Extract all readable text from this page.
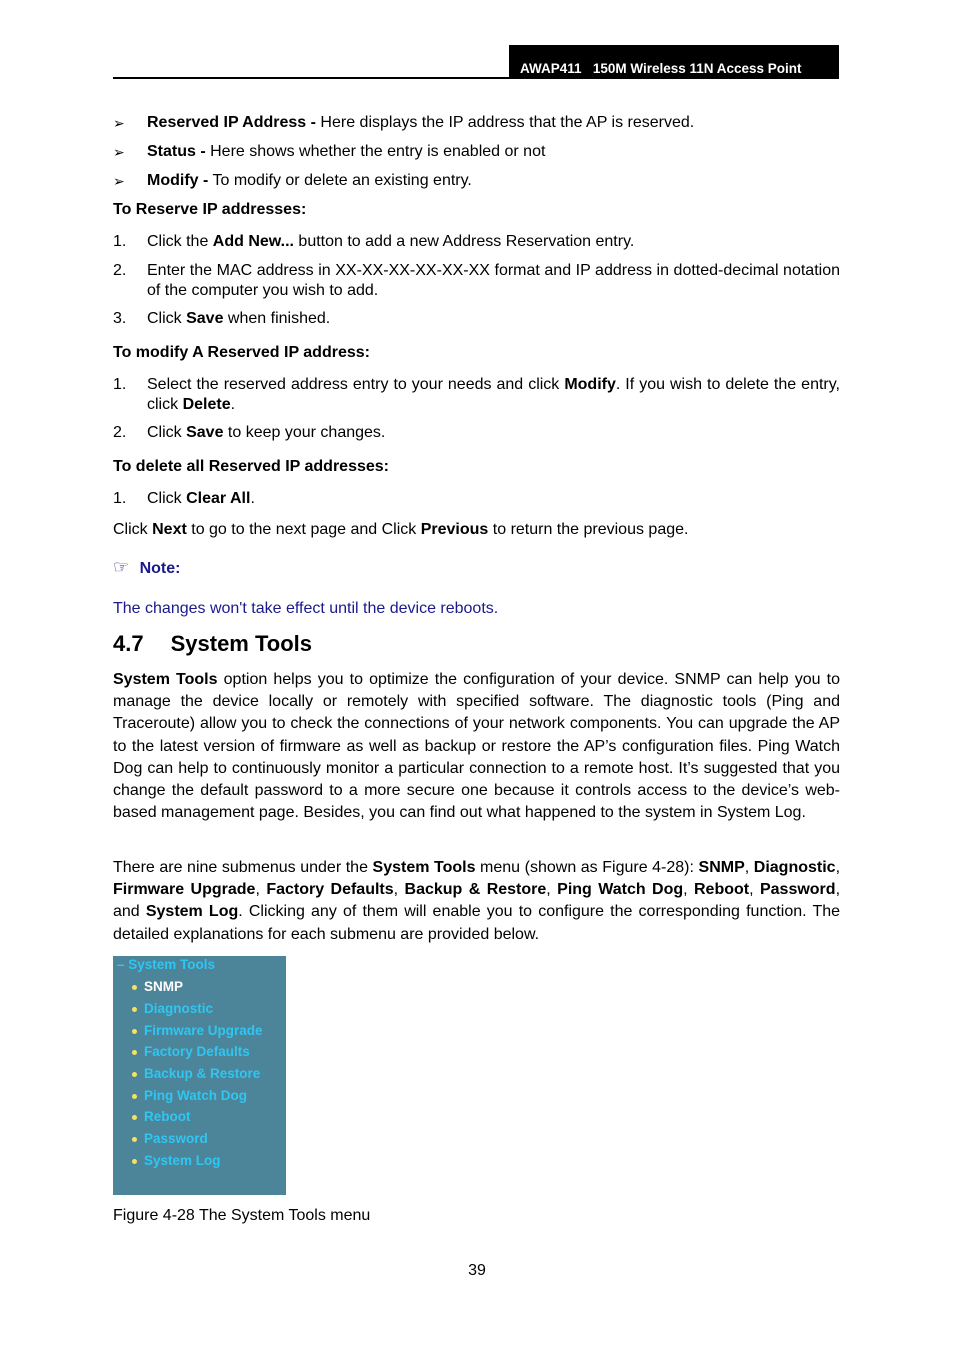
AWAP411 150M Wireless 11N Access Point
➢ Reserved IP Address - Here displays the IP address that the AP is reserved.
➢ Status - Here shows whether the entry is enabled or not
➢ Modify - To modify or delete an existing entry.
To Reserve IP addresses:
1. Click the Add New... button to add a new Address Reservation entry.
2. Enter the MAC address in XX-XX-XX-XX-XX-XX format and IP address in dotted-decimal notation of the computer you wish to add.
3. Click Save when finished.
To modify A Reserved IP address:
1. Select the reserved address entry to your needs and click Modify. If you wish to delete the entry, click Delete.
2. Click Save to keep your changes.
To delete all Reserved IP addresses:
1. Click Clear All.
Click Next to go to the next page and Click Previous to return the previous page.
☞ Note:
The changes won't take effect until the device reboots.
4.7 System Tools
System Tools option helps you to optimize the configuration of your device. SNMP can help you to manage the device locally or remotely with specified software. The diagnostic tools (Ping and Traceroute) allow you to check the connections of your network components. You can upgrade the AP to the latest version of firmware as well as backup or restore the AP’s configuration files. Ping Watch Dog can help to continuously monitor a particular connection to a remote host. It’s suggested that you change the default password to a more secure one because it controls access to the device’s web-based management page. Besides, you can find out what happened to the system in System Log.
There are nine submenus under the System Tools menu (shown as Figure 4-28): SNMP, Diagnostic, Firmware Upgrade, Factory Defaults, Backup & Restore, Ping Watch Dog, Reboot, Password, and System Log. Clicking any of them will enable you to configure the corresponding function. The detailed explanations for each submenu are provided below.
– System Tools
SNMP
Diagnostic
Firmware Upgrade
Factory Defaults
Backup & Restore
Ping Watch Dog
Reboot
Password
System Log
Figure 4-28 The System Tools menu
39
